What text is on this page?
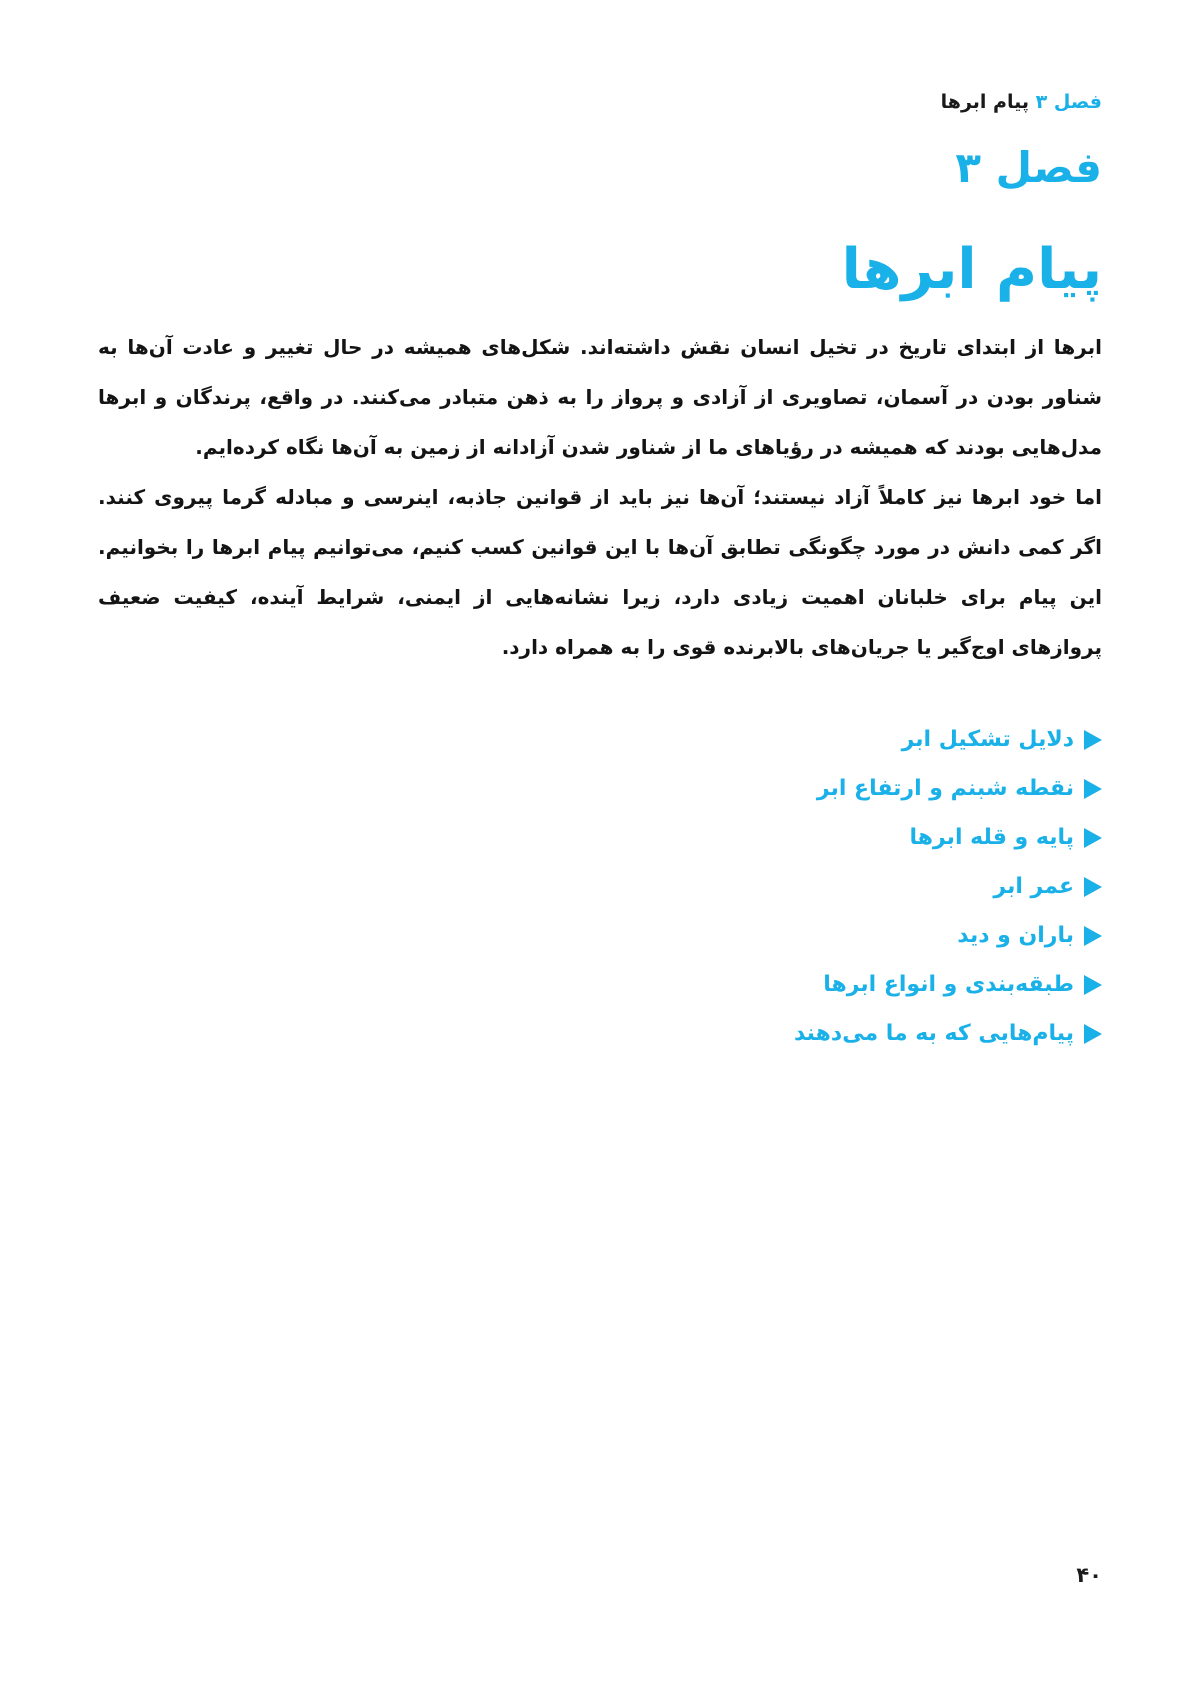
فصل ۳ پیام ابرها
فصل ۳
پیام ابرها

ابرها از ابتدای تاریخ در تخیل انسان نقش داشته‌اند. شکل‌های همیشه در حال تغییر و عادت آن‌ها به شناور بودن در آسمان، تصاویری از آزادی و پرواز را به ذهن متبادر می‌کنند. در واقع، پرندگان و ابرها مدل‌هایی بودند که همیشه در رؤیاهای ما از شناور شدن آزادانه از زمین به آن‌ها نگاه کرده‌ایم.

اما خود ابرها نیز کاملاً آزاد نیستند؛ آن‌ها نیز باید از قوانین جاذبه، اینرسی و مبادله گرما پیروی کنند. اگر کمی دانش در مورد چگونگی تطابق آن‌ها با این قوانین کسب کنیم، می‌توانیم پیام ابرها را بخوانیم. این پیام برای خلبانان اهمیت زیادی دارد، زیرا نشانه‌هایی از ایمنی، شرایط آینده، کیفیت ضعیف پروازهای اوج‌گیر یا جریان‌های بالابرنده قوی را به همراه دارد.

دلایل تشکیل ابر
نقطه شبنم و ارتفاع ابر
پایه و قله ابرها
عمر ابر
باران و دید
طبقه‌بندی و انواع ابرها
پیام‌هایی که به ما می‌دهند
۴۰
